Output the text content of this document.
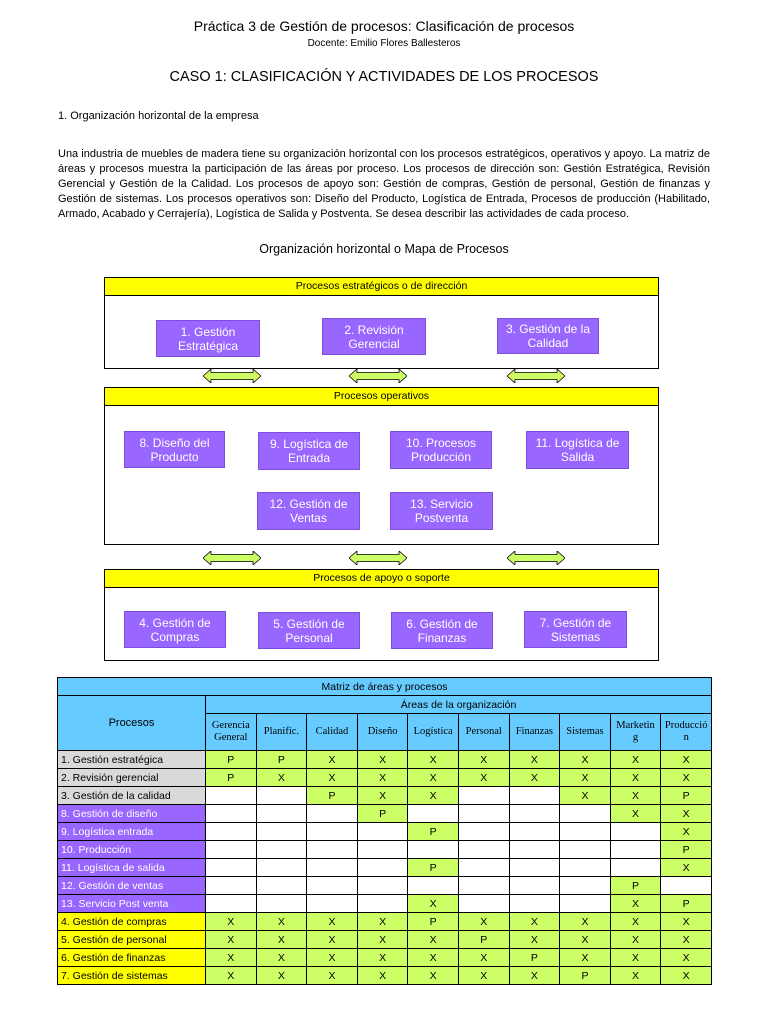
Práctica 3 de Gestión de procesos: Clasificación de procesos
Docente: Emilio Flores Ballesteros
CASO 1: CLASIFICACIÓN Y ACTIVIDADES DE LOS PROCESOS
1. Organización horizontal de la empresa
Una industria de muebles de madera tiene su organización horizontal con los procesos estratégicos, operativos y apoyo. La matriz de áreas y procesos muestra la participación de las áreas por proceso. Los procesos de dirección son: Gestión Estratégica, Revisión Gerencial y Gestión de la Calidad. Los procesos de apoyo son: Gestión de compras, Gestión de personal, Gestión de finanzas y Gestión de sistemas. Los procesos operativos son: Diseño del Producto, Logística de Entrada, Procesos de producción (Habilitado, Armado, Acabado y Cerrajería), Logística de Salida y Postventa. Se desea describir las actividades de cada proceso.
Organización horizontal o Mapa de Procesos
Procesos estratégicos o de dirección
1. Gestión Estratégica
2. Revisión Gerencial
3. Gestión de la Calidad
Procesos operativos
8. Diseño del Producto
9. Logística de Entrada
10. Procesos Producción
11. Logística de Salida
12. Gestión de Ventas
13. Servicio Postventa
Procesos de apoyo o soporte
4. Gestión de Compras
5. Gestión de Personal
6. Gestión de Finanzas
7. Gestión de Sistemas
Matriz de áreas y procesos										
Procesos	Áreas de la organización									
	Gerencia General	Planific.	Calidad	Diseño	Logística	Personal	Finanzas	Sistemas	Marketin g	Producció n
1. Gestión estratégica	P	P	X	X	X	X	X	X	X	X
2. Revisión gerencial	P	X	X	X	X	X	X	X	X	X
3. Gestión de la calidad			P	X	X			X	X	P
8. Gestión de diseño				P					X	X
9. Logística entrada					P					X
10. Producción										P
11. Logística de salida					P					X
12. Gestión de ventas									P	
13. Servicio Post venta					X				X	P
4. Gestión de compras	X	X	X	X	P	X	X	X	X	X
5. Gestión de personal	X	X	X	X	X	P	X	X	X	X
6. Gestión de finanzas	X	X	X	X	X	X	P	X	X	X
7. Gestión de sistemas	X	X	X	X	X	X	X	P	X	X
